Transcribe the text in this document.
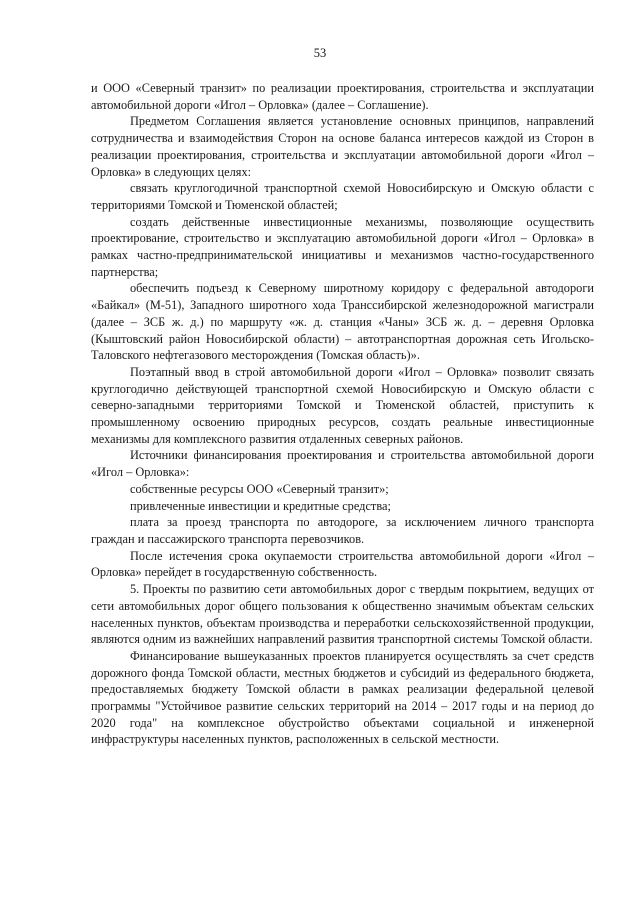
53

и ООО «Северный транзит» по реализации проектирования, строительства и эксплуатации автомобильной дороги «Игол – Орловка» (далее – Соглашение).

Предметом Соглашения является установление основных принципов, направлений сотрудничества и взаимодействия Сторон на основе баланса интересов каждой из Сторон в реализации проектирования, строительства и эксплуатации автомобильной дороги «Игол – Орловка» в следующих целях:

связать круглогодичной транспортной схемой Новосибирскую и Омскую области с территориями Томской и Тюменской областей;

создать действенные инвестиционные механизмы, позволяющие осуществить проектирование, строительство и эксплуатацию автомобильной дороги «Игол – Орловка» в рамках частно-предпринимательской инициативы и механизмов частно-государственного партнерства;

обеспечить подъезд к Северному широтному коридору с федеральной автодороги «Байкал» (М-51), Западного широтного хода Транссибирской железнодорожной магистрали (далее – ЗСБ ж. д.) по маршруту «ж. д. станция «Чаны» ЗСБ ж. д. – деревня Орловка (Кыштовский район Новосибирской области) – автотранспортная дорожная сеть Игольско-Таловского нефтегазового месторождения (Томская область)».

Поэтапный ввод в строй автомобильной дороги «Игол – Орловка» позволит связать круглогодично действующей транспортной схемой Новосибирскую и Омскую области с северно-западными территориями Томской и Тюменской областей, приступить к промышленному освоению природных ресурсов, создать реальные инвестиционные механизмы для комплексного развития отдаленных северных районов.

Источники финансирования проектирования и строительства автомобильной дороги «Игол – Орловка»:

собственные ресурсы ООО «Северный транзит»;

привлеченные инвестиции и кредитные средства;

плата за проезд транспорта по автодороге, за исключением личного транспорта граждан и пассажирского транспорта перевозчиков.

После истечения срока окупаемости строительства автомобильной дороги «Игол – Орловка» перейдет в государственную собственность.

5. Проекты по развитию сети автомобильных дорог с твердым покрытием, ведущих от сети автомобильных дорог общего пользования к общественно значимым объектам сельских населенных пунктов, объектам производства и переработки сельскохозяйственной продукции, являются одним из важнейших направлений развития транспортной системы Томской области.

Финансирование вышеуказанных проектов планируется осуществлять за счет средств дорожного фонда Томской области, местных бюджетов и субсидий из федерального бюджета, предоставляемых бюджету Томской области в рамках реализации федеральной целевой программы "Устойчивое развитие сельских территорий на 2014 – 2017 годы и на период до 2020 года" на комплексное обустройство объектами социальной и инженерной инфраструктуры населенных пунктов, расположенных в сельской местности.
